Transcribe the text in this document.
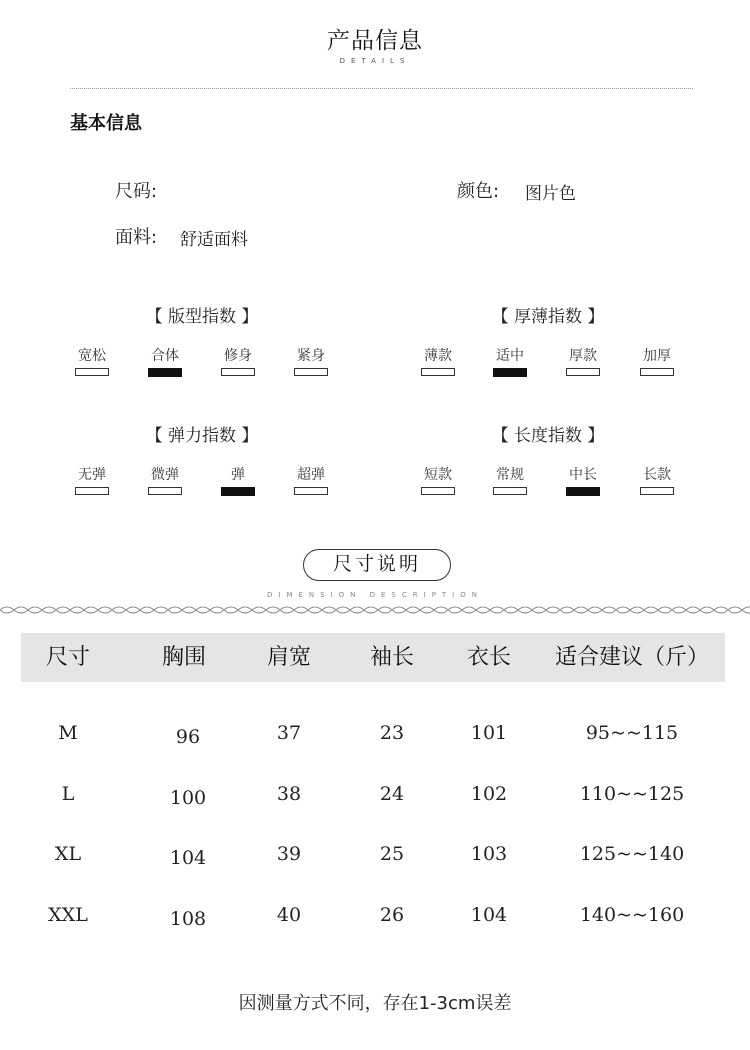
产品信息
DETAILS
基本信息
尺码:	颜色: 图片色
面料: 舒适面料
【 版型指数 】
宽松	合体	修身	紧身
【 厚薄指数 】
薄款	适中	厚款	加厚
【 弹力指数 】
无弹	微弹	弹	超弹
【 长度指数 】
短款	常规	中长	长款
尺寸说明
DIMENSION DESCRIPTION
尺寸	胸围	肩宽	袖长	衣长	适合建议（斤）
M	96	37	23	101	95~~115
L	100	38	24	102	110~~125
XL	104	39	25	103	125~~140
XXL	108	40	26	104	140~~160
因测量方式不同，存在1-3cm误差
